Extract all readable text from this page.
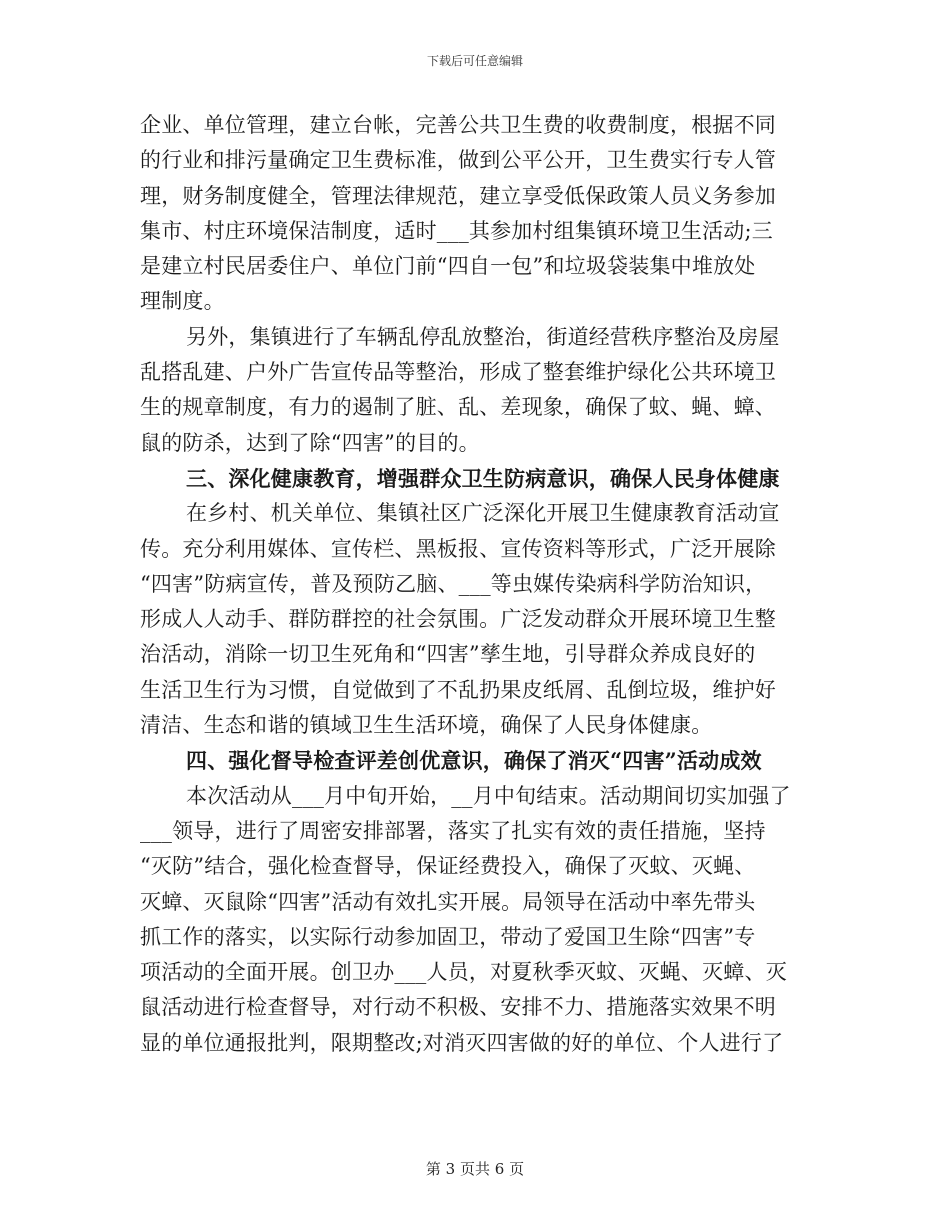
下载后可任意编辑
企业、单位管理，建立台帐，完善公共卫生费的收费制度，根据不同
的行业和排污量确定卫生费标准，做到公平公开，卫生费实行专人管
理，财务制度健全，管理法律规范，建立享受低保政策人员义务参加
集市、村庄环境保洁制度，适时___其参加村组集镇环境卫生活动;三
是建立村民居委住户、单位门前“四自一包”和垃圾袋装集中堆放处
理制度。
另外，集镇进行了车辆乱停乱放整治，街道经营秩序整治及房屋
乱搭乱建、户外广告宣传品等整治，形成了整套维护绿化公共环境卫
生的规章制度，有力的遏制了脏、乱、差现象，确保了蚊、蝇、蟑、
鼠的防杀，达到了除“四害”的目的。
三、深化健康教育，增强群众卫生防病意识，确保人民身体健康
在乡村、机关单位、集镇社区广泛深化开展卫生健康教育活动宣
传。充分利用媒体、宣传栏、黑板报、宣传资料等形式，广泛开展除
“四害”防病宣传，普及预防乙脑、___等虫媒传染病科学防治知识，
形成人人动手、群防群控的社会氛围。广泛发动群众开展环境卫生整
治活动，消除一切卫生死角和“四害”孳生地，引导群众养成良好的
生活卫生行为习惯，自觉做到了不乱扔果皮纸屑、乱倒垃圾，维护好
清洁、生态和谐的镇域卫生生活环境，确保了人民身体健康。
四、强化督导检查评差创优意识，确保了消灭“四害”活动成效
本次活动从___月中旬开始，__月中旬结束。活动期间切实加强了
___领导，进行了周密安排部署，落实了扎实有效的责任措施，坚持
“灭防”结合，强化检查督导，保证经费投入，确保了灭蚊、灭蝇、
灭蟑、灭鼠除“四害”活动有效扎实开展。局领导在活动中率先带头
抓工作的落实，以实际行动参加固卫，带动了爱国卫生除“四害”专
项活动的全面开展。创卫办___人员，对夏秋季灭蚊、灭蝇、灭蟑、灭
鼠活动进行检查督导，对行动不积极、安排不力、措施落实效果不明
显的单位通报批判，限期整改;对消灭四害做的好的单位、个人进行了
第 3 页共 6 页
